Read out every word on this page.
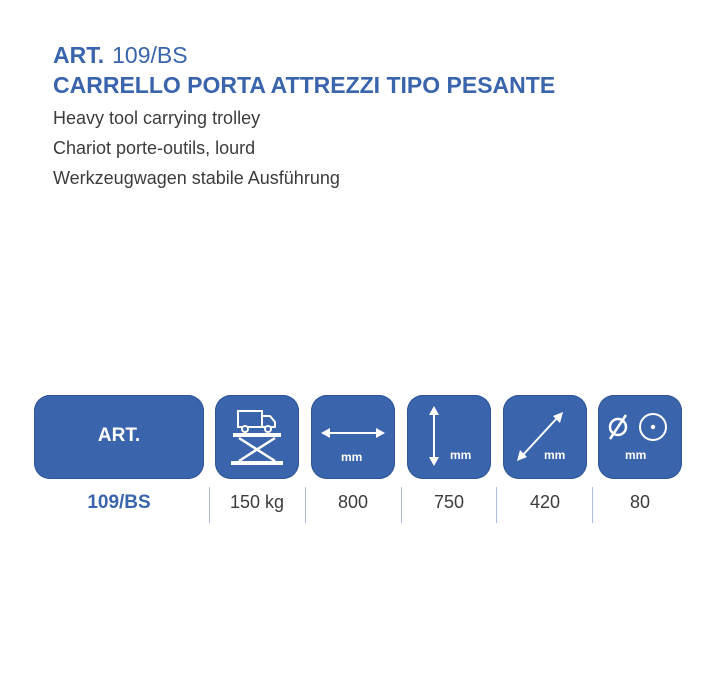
ART. 109/BS
CARRELLO PORTA ATTREZZI TIPO PESANTE
Heavy tool carrying trolley
Chariot porte-outils, lourd
Werkzeugwagen stabile Ausführung
ART.
mm	mm	mm	mm
109/BS	150 kg	800	750	420	80
